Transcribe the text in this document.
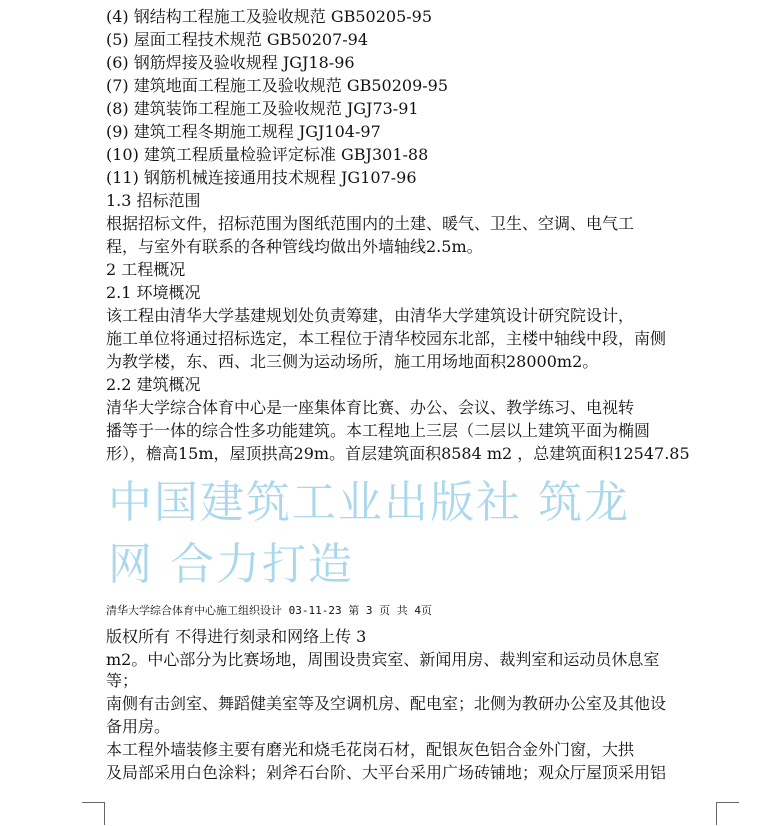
(4) 钢结构工程施工及验收规范 GB50205-95
(5) 屋面工程技术规范 GB50207-94
(6) 钢筋焊接及验收规程 JGJ18-96
(7) 建筑地面工程施工及验收规范 GB50209-95
(8) 建筑装饰工程施工及验收规范 JGJ73-91
(9) 建筑工程冬期施工规程 JGJ104-97
(10) 建筑工程质量检验评定标准 GBJ301-88
(11) 钢筋机械连接通用技术规程 JG107-96
1.3 招标范围
根据招标文件，招标范围为图纸范围内的土建、暖气、卫生、空调、电气工
程，与室外有联系的各种管线均做出外墙轴线2.5m。
2 工程概况
2.1 环境概况
该工程由清华大学基建规划处负责筹建，由清华大学建筑设计研究院设计，
施工单位将通过招标选定，本工程位于清华校园东北部，主楼中轴线中段，南侧
为教学楼，东、西、北三侧为运动场所，施工用场地面积28000m2。
2.2 建筑概况
清华大学综合体育中心是一座集体育比赛、办公、会议、教学练习、电视转
播等于一体的综合性多功能建筑。本工程地上三层（二层以上建筑平面为椭圆
形），檐高15m，屋顶拱高29m。首层建筑面积8584 m2 ，总建筑面积12547.85
中国建筑工业出版社 筑龙
网 合力打造
清华大学综合体育中心施工组织设计 03-11-23 第 3 页 共 4页
版权所有 不得进行刻录和网络上传 3
m2。中心部分为比赛场地，周围设贵宾室、新闻用房、裁判室和运动员休息室
等；
南侧有击剑室、舞蹈健美室等及空调机房、配电室；北侧为教研办公室及其他设
备用房。
本工程外墙装修主要有磨光和烧毛花岗石材，配银灰色铝合金外门窗，大拱
及局部采用白色涂料；剁斧石台阶、大平台采用广场砖铺地；观众厅屋顶采用铝
